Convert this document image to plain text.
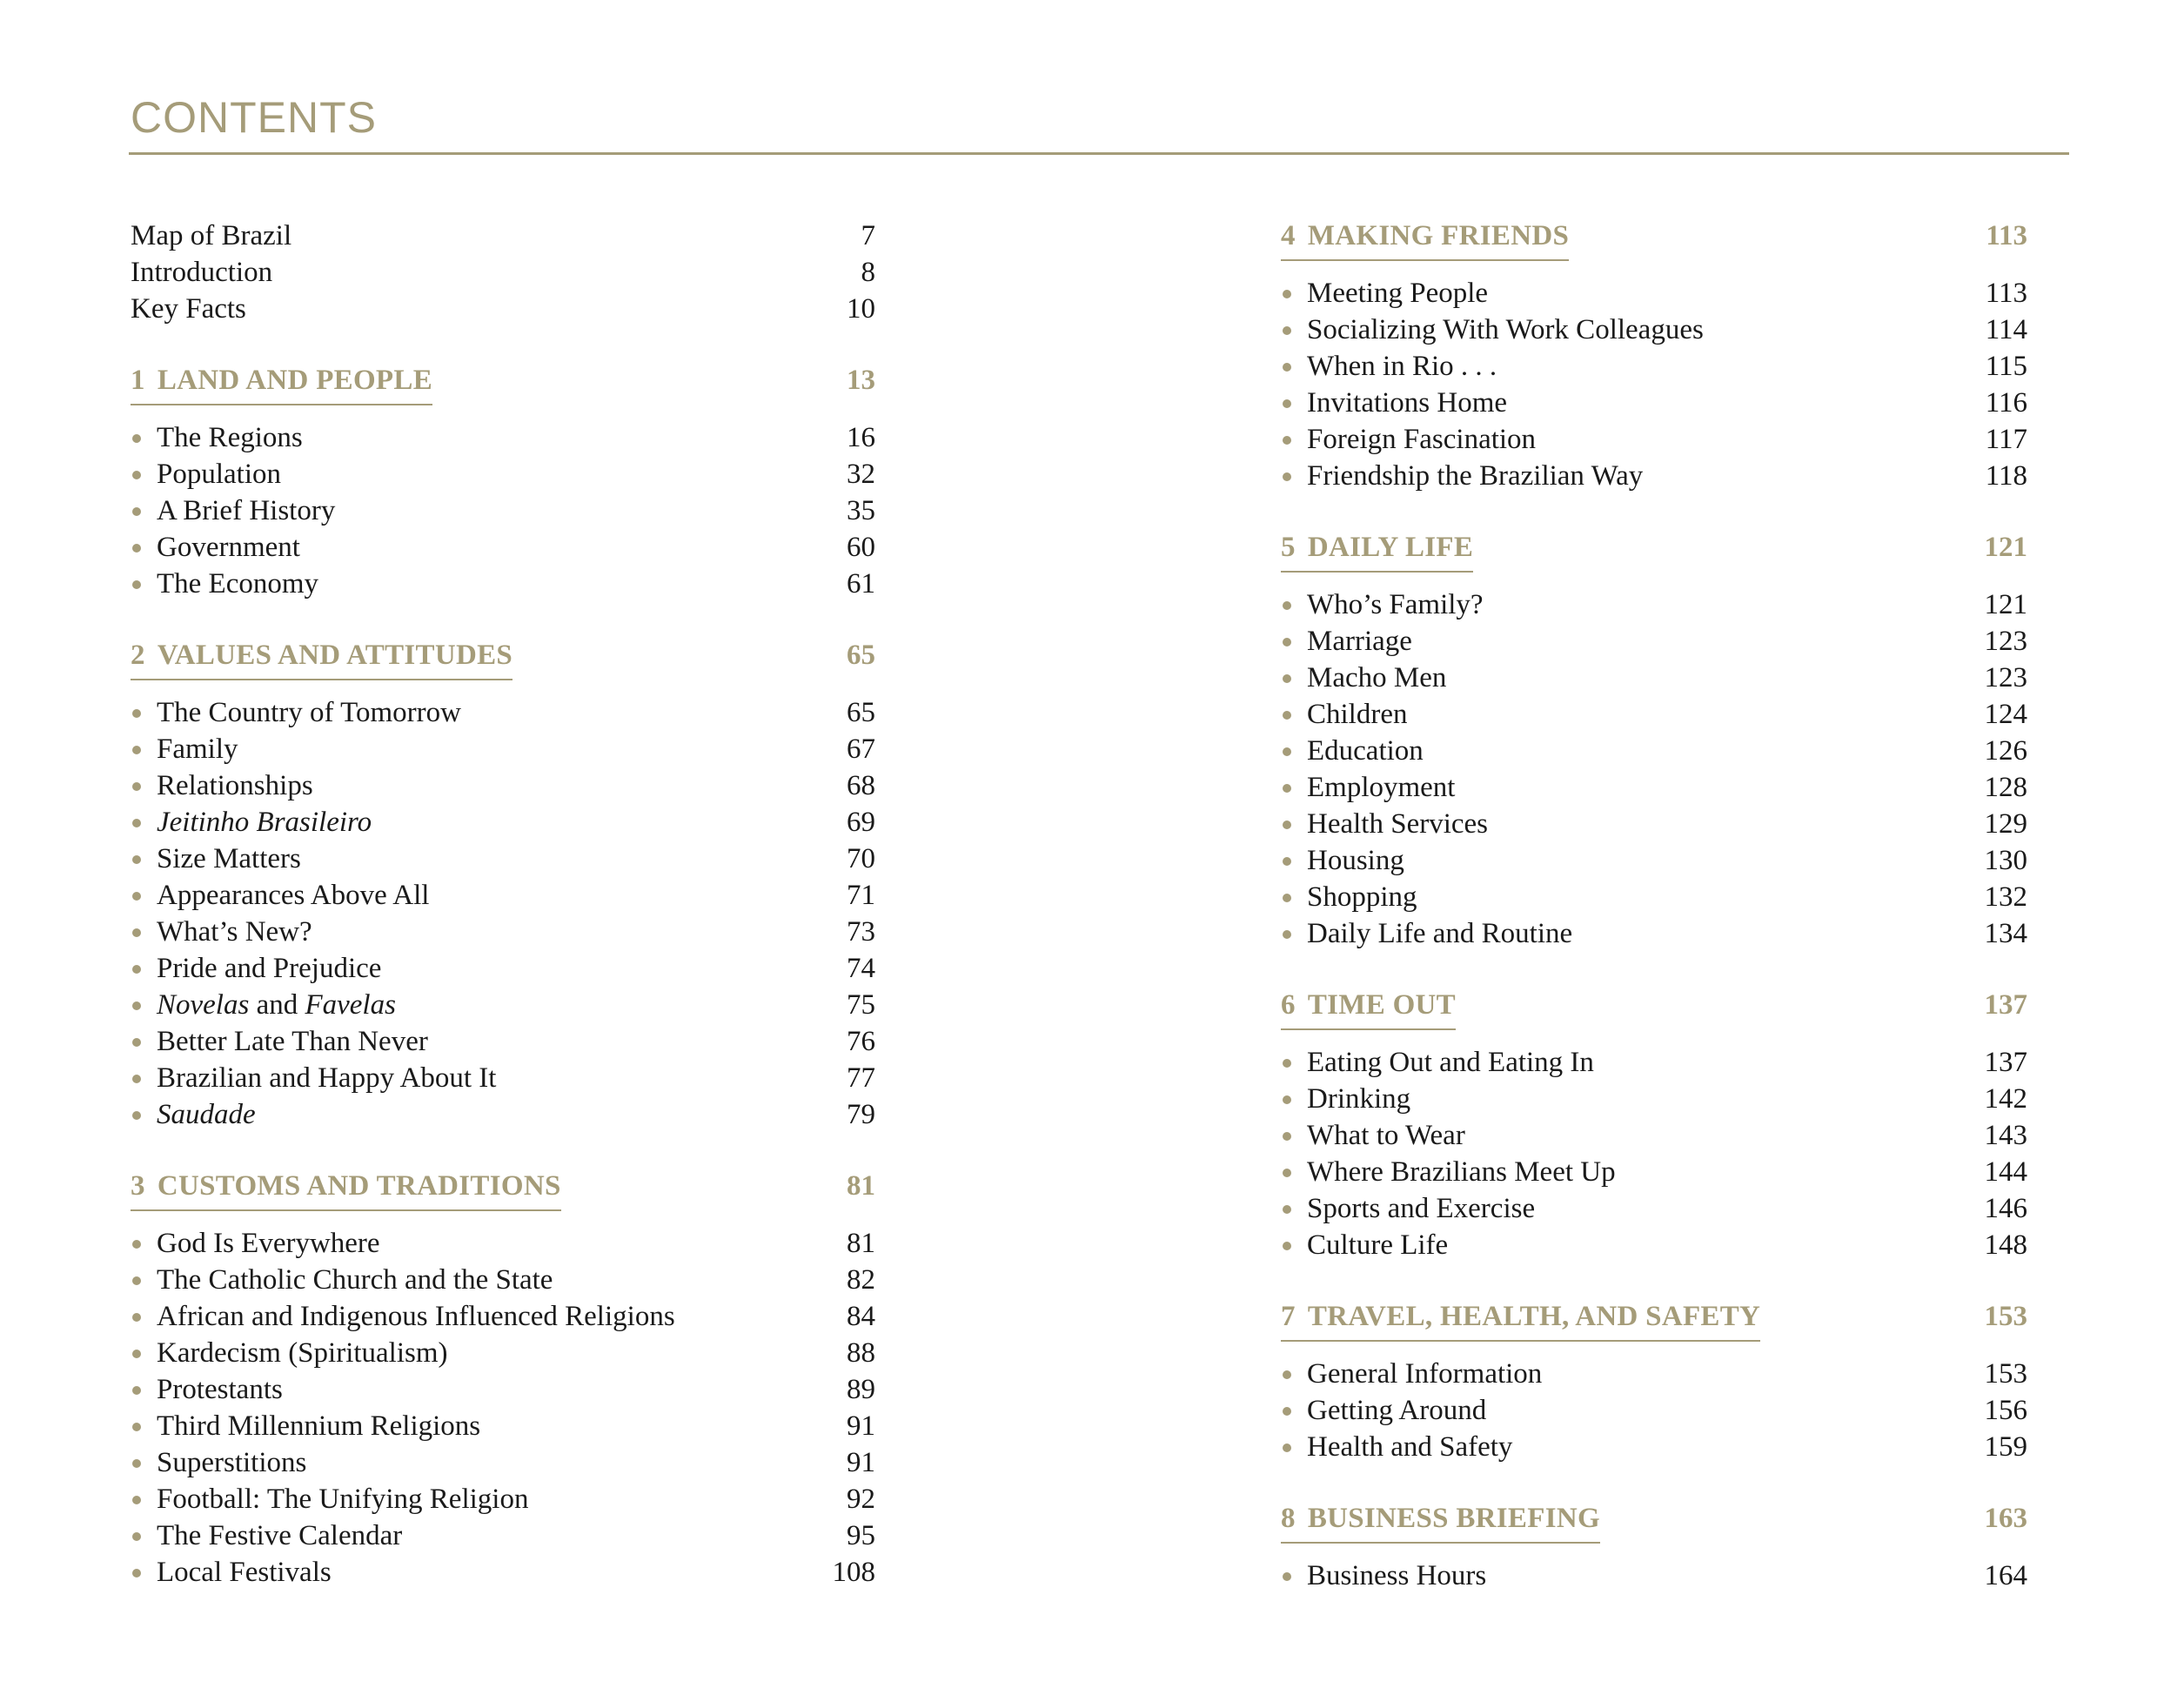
CONTENTS
Map of Brazil	7
Introduction	8
Key Facts	10
1 LAND AND PEOPLE	13
The Regions	16
Population	32
A Brief History	35
Government	60
The Economy	61
2 VALUES AND ATTITUDES	65
The Country of Tomorrow	65
Family	67
Relationships	68
Jeitinho Brasileiro	69
Size Matters	70
Appearances Above All	71
What’s New?	73
Pride and Prejudice	74
Novelas and Favelas	75
Better Late Than Never	76
Brazilian and Happy About It	77
Saudade	79
3 CUSTOMS AND TRADITIONS	81
God Is Everywhere	81
The Catholic Church and the State	82
African and Indigenous Influenced Religions	84
Kardecism (Spiritualism)	88
Protestants	89
Third Millennium Religions	91
Superstitions	91
Football: The Unifying Religion	92
The Festive Calendar	95
Local Festivals	108
4 MAKING FRIENDS	113
Meeting People	113
Socializing With Work Colleagues	114
When in Rio . . .	115
Invitations Home	116
Foreign Fascination	117
Friendship the Brazilian Way	118
5 DAILY LIFE	121
Who’s Family?	121
Marriage	123
Macho Men	123
Children	124
Education	126
Employment	128
Health Services	129
Housing	130
Shopping	132
Daily Life and Routine	134
6 TIME OUT	137
Eating Out and Eating In	137
Drinking	142
What to Wear	143
Where Brazilians Meet Up	144
Sports and Exercise	146
Culture Life	148
7 TRAVEL, HEALTH, AND SAFETY	153
General Information	153
Getting Around	156
Health and Safety	159
8 BUSINESS BRIEFING	163
Business Hours	164
